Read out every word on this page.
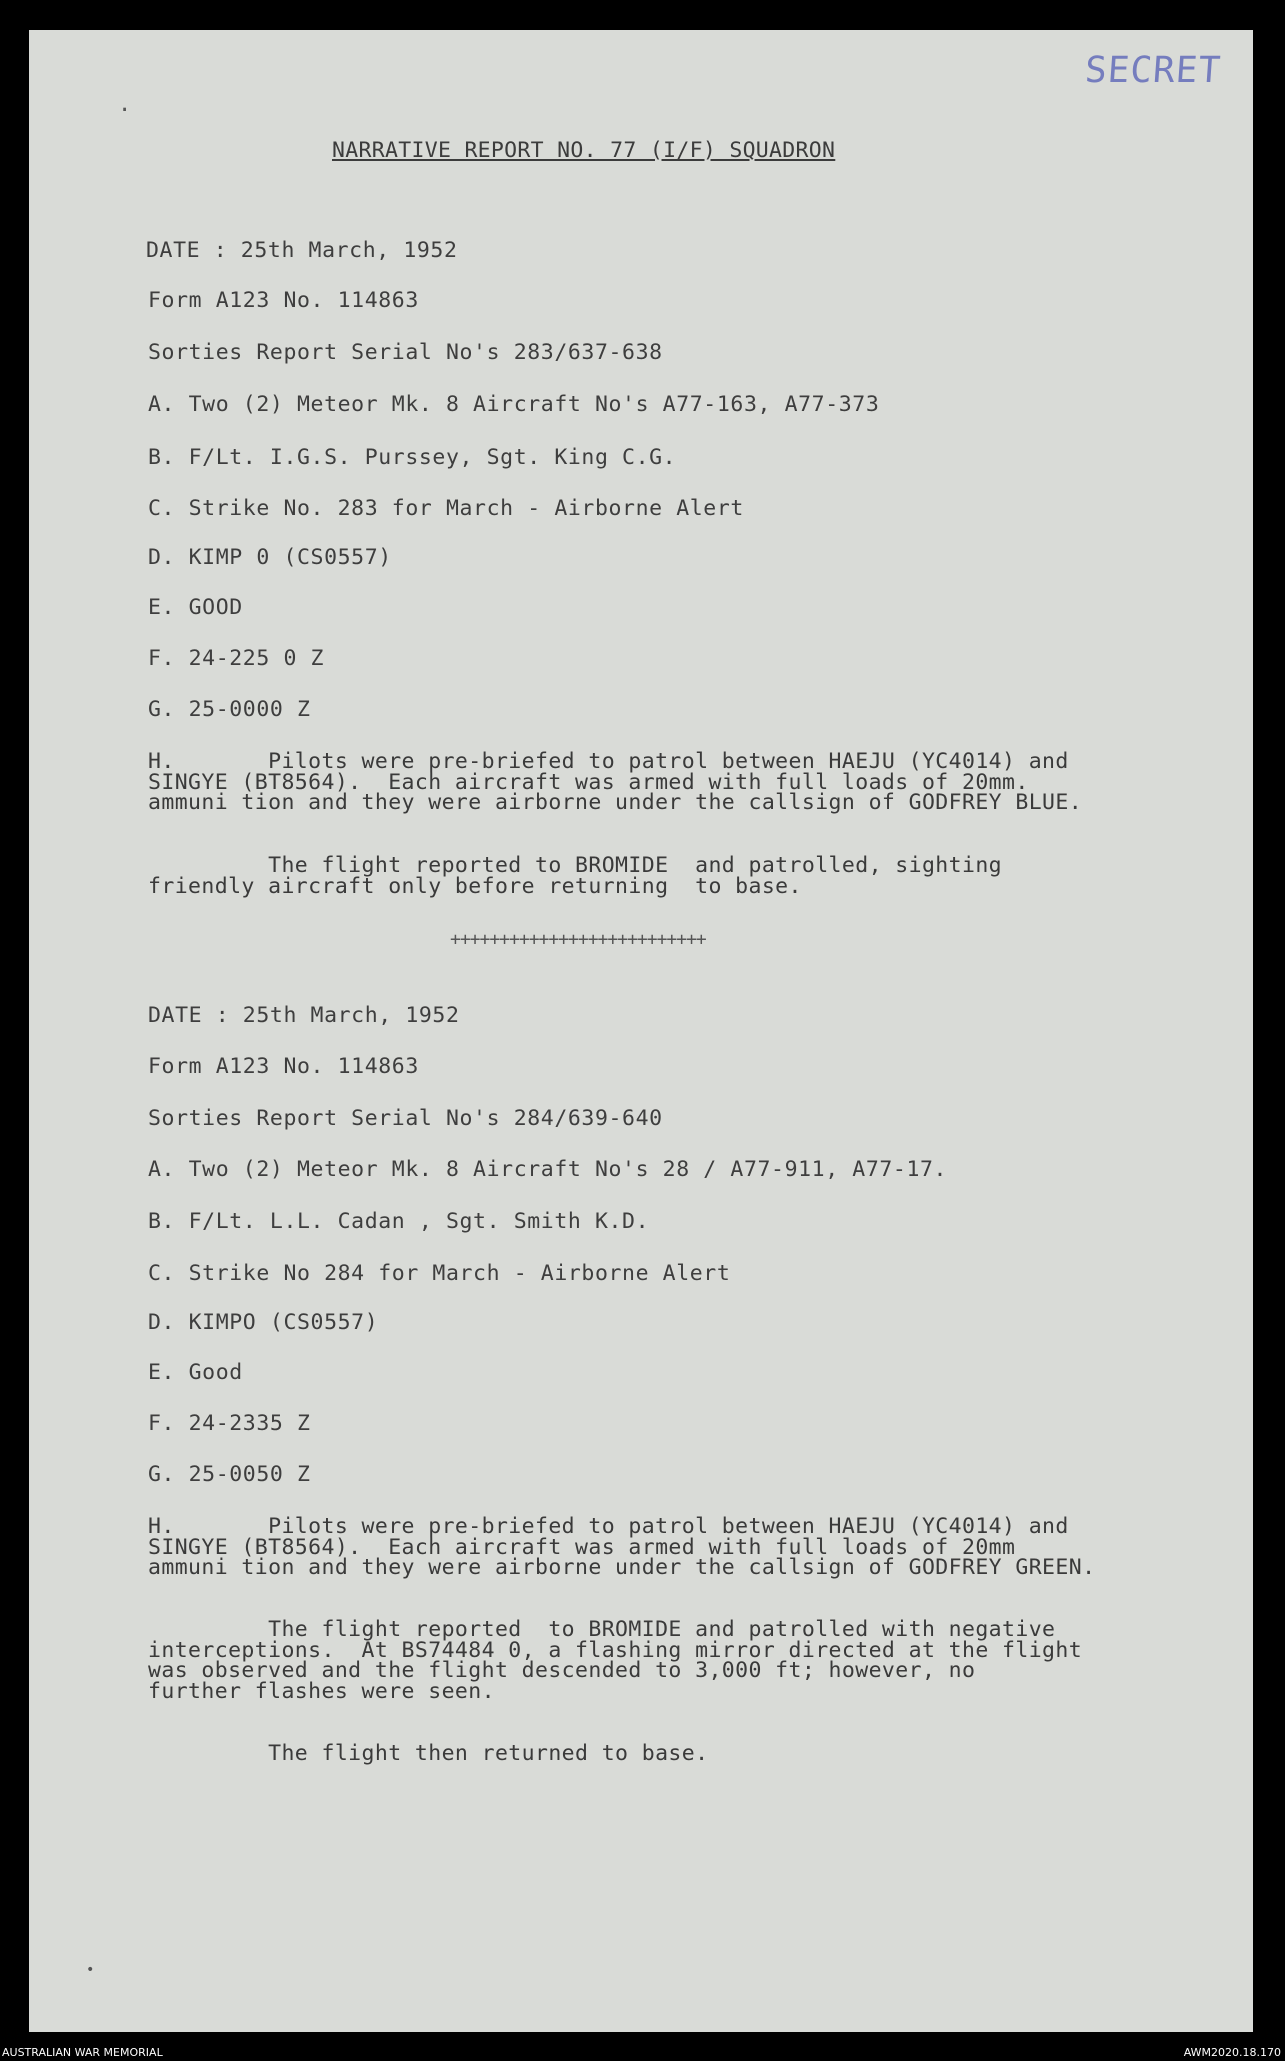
SECRET
·
NARRATIVE REPORT NO. 77 (I/F) SQUADRON
DATE : 25th March, 1952
Form A123 No. 114863
Sorties Report Serial No's 283/637-638
A. Two (2) Meteor Mk. 8 Aircraft No's A77-163, A77-373
B. F/Lt. I.G.S. Purssey, Sgt. King C.G.
C. Strike No. 283 for March - Airborne Alert
D. KIMP 0 (CS0557)
E. GOOD
F. 24-225 0 Z
G. 25-0000 Z
H.       Pilots were pre-briefed to patrol between HAEJU (YC4014) and
SINGYE (BT8564).  Each aircraft was armed with full loads of 20mm.
ammuni tion and they were airborne under the callsign of GODFREY BLUE.
The flight reported to BROMIDE  and patrolled, sighting
friendly aircraft only before returning  to base.
++++++++++++++++++++++++++
DATE : 25th March, 1952
Form A123 No. 114863
Sorties Report Serial No's 284/639-640
A. Two (2) Meteor Mk. 8 Aircraft No's 28 / A77-911, A77-17.
B. F/Lt. L.L. Cadan , Sgt. Smith K.D.
C. Strike No 284 for March - Airborne Alert
D. KIMPO (CS0557)
E. Good
F. 24-2335 Z
G. 25-0050 Z
H.       Pilots were pre-briefed to patrol between HAEJU (YC4014) and
SINGYE (BT8564).  Each aircraft was armed with full loads of 20mm
ammuni tion and they were airborne under the callsign of GODFREY GREEN.
The flight reported  to BROMIDE and patrolled with negative
interceptions.  At BS74484 0, a flashing mirror directed at the flight
was observed and the flight descended to 3,000 ft; however, no
further flashes were seen.
The flight then returned to base.
•
AUSTRALIAN WAR MEMORIAL	AWM2020.18.170
